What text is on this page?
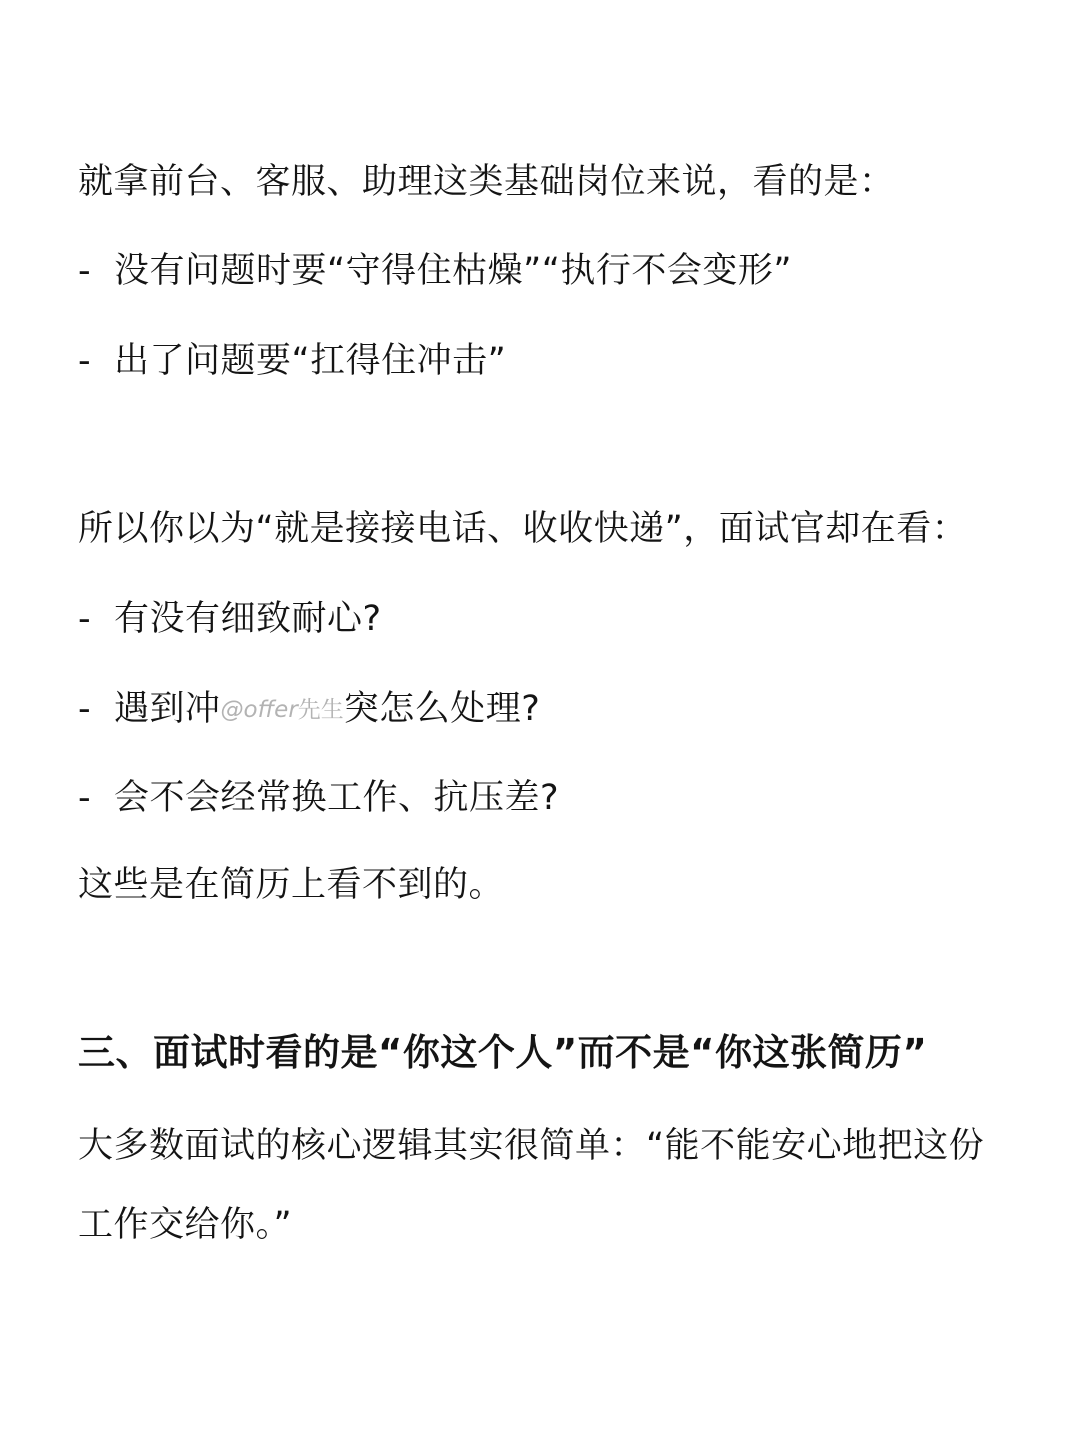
就拿前台、客服、助理这类基础岗位来说，看的是：
- 没有问题时要“守得住枯燥”“执行不会变形”
- 出了问题要“扛得住冲击”
所以你以为“就是接接电话、收收快递”，面试官却在看：
- 有没有细致耐心?
- 遇到冲@offer先生突怎么处理?
- 会不会经常换工作、抗压差?
这些是在简历上看不到的。
三、面试时看的是“你这个人”而不是“你这张简历”
大多数面试的核心逻辑其实很简单：“能不能安心地把这份
工作交给你。”
